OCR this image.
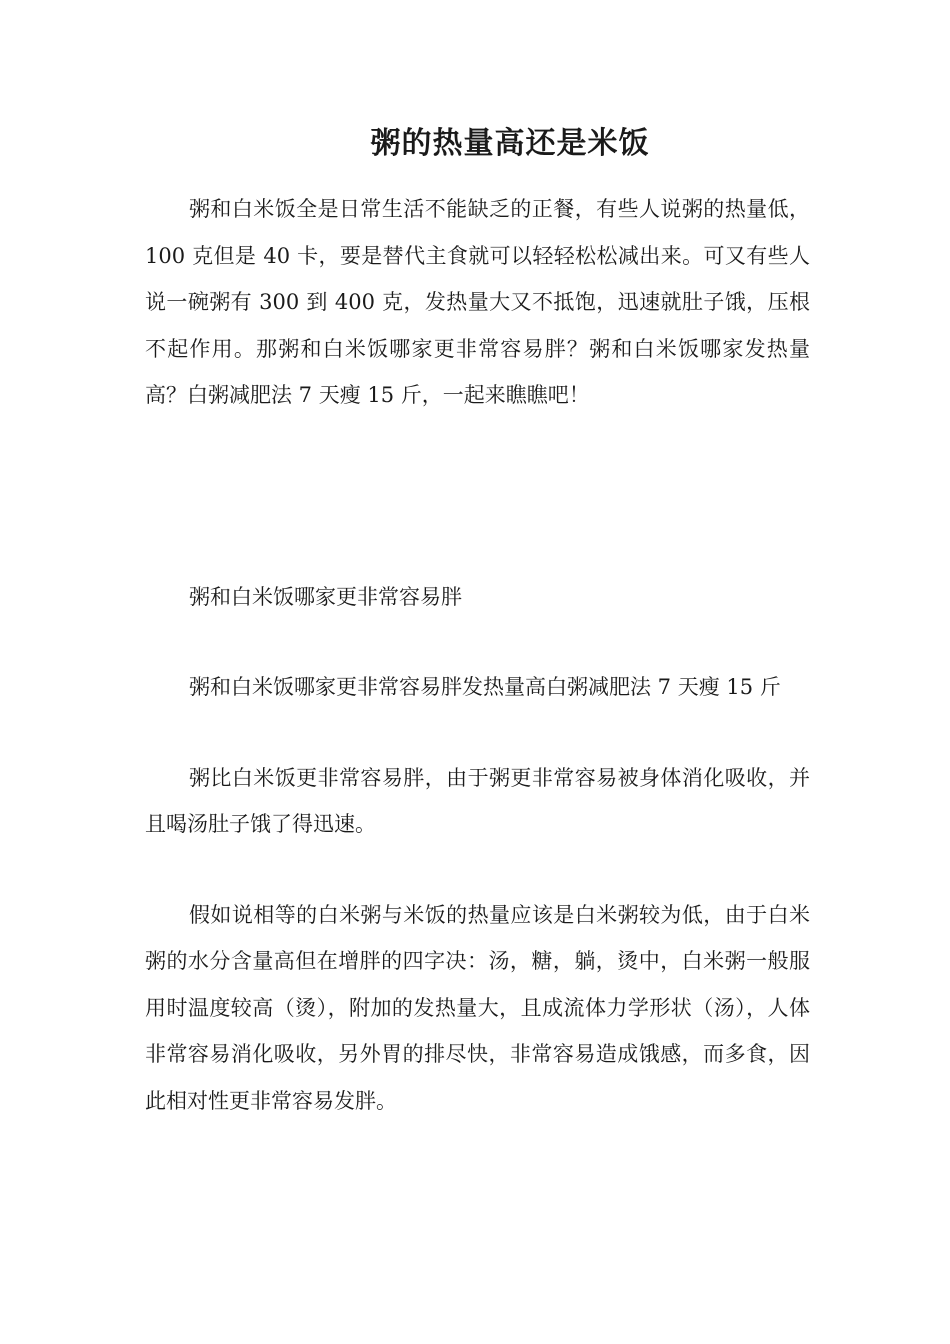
粥的热量高还是米饭

粥和白米饭全是日常生活不能缺乏的正餐，有些人说粥的热量低，100 克但是 40 卡，要是替代主食就可以轻轻松松减出来。可又有些人说一碗粥有 300 到 400 克，发热量大又不抵饱，迅速就肚子饿，压根不起作用。那粥和白米饭哪家更非常容易胖？粥和白米饭哪家发热量高？白粥减肥法 7 天瘦 15 斤，一起来瞧瞧吧！

粥和白米饭哪家更非常容易胖

粥和白米饭哪家更非常容易胖发热量高白粥减肥法 7 天瘦 15 斤

粥比白米饭更非常容易胖，由于粥更非常容易被身体消化吸收，并且喝汤肚子饿了得迅速。

假如说相等的白米粥与米饭的热量应该是白米粥较为低，由于白米粥的水分含量高但在增胖的四字决：汤，糖，躺，烫中，白米粥一般服用时温度较高（烫），附加的发热量大，且成流体力学形状（汤），人体非常容易消化吸收，另外胃的排尽快，非常容易造成饿感，而多食，因此相对性更非常容易发胖。
